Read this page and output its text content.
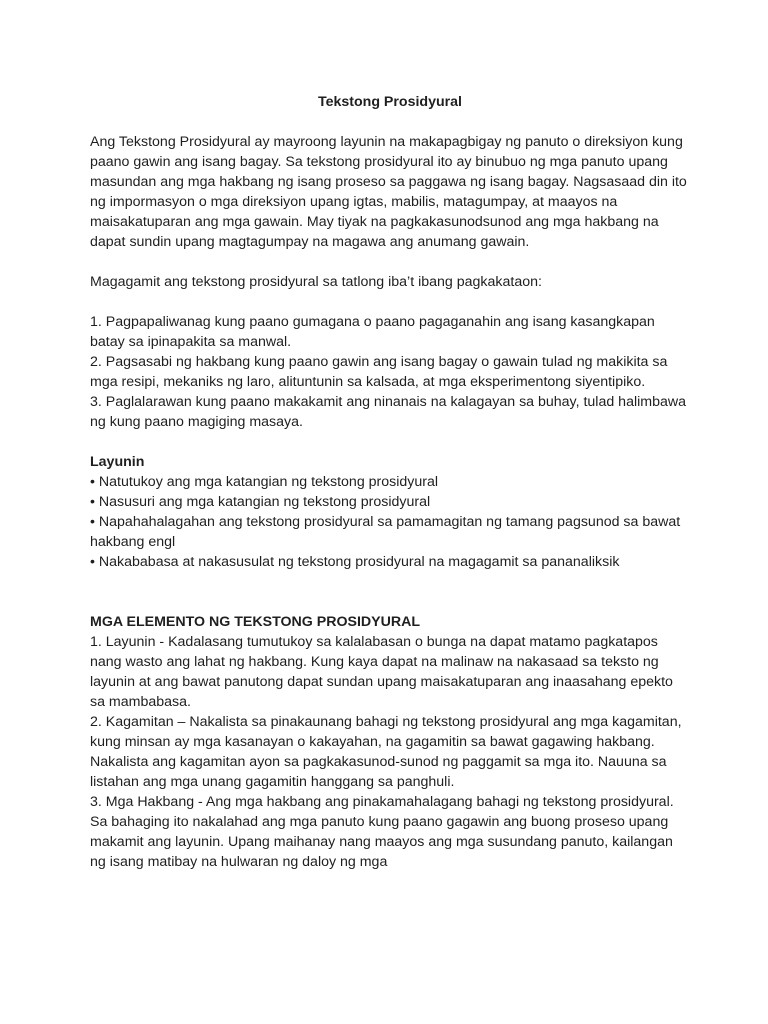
Tekstong Prosidyural

Ang Tekstong Prosidyural ay mayroong layunin na makapagbigay ng panuto o direksiyon kung paano gawin ang isang bagay. Sa tekstong prosidyural ito ay binubuo ng mga panuto upang masundan ang mga hakbang ng isang proseso sa paggawa ng isang bagay. Nagsasaad din ito ng impormasyon o mga direksiyon upang igtas, mabilis, matagumpay, at maayos na maisakatuparan ang mga gawain. May tiyak na pagkakasunodsunod ang mga hakbang na dapat sundin upang magtagumpay na magawa ang anumang gawain.

Magagamit ang tekstong prosidyural sa tatlong iba’t ibang pagkakataon:

1. Pagpapaliwanag kung paano gumagana o paano pagaganahin ang isang kasangkapan batay sa ipinapakita sa manwal.

2. Pagsasabi ng hakbang kung paano gawin ang isang bagay o gawain tulad ng makikita sa mga resipi, mekaniks ng laro, alituntunin sa kalsada, at mga eksperimentong siyentipiko.

3. Paglalarawan kung paano makakamit ang ninanais na kalagayan sa buhay, tulad halimbawa ng kung paano magiging masaya.

Layunin

• Natutukoy ang mga katangian ng tekstong prosidyural

• Nasusuri ang mga katangian ng tekstong prosidyural

• Napahahalagahan ang tekstong prosidyural sa pamamagitan ng tamang pagsunod sa bawat hakbang engl

• Nakababasa at nakasusulat ng tekstong prosidyural na magagamit sa pananaliksik

MGA ELEMENTO NG TEKSTONG PROSIDYURAL

1. Layunin - Kadalasang tumutukoy sa kalalabasan o bunga na dapat matamo pagkatapos nang wasto ang lahat ng hakbang. Kung kaya dapat na malinaw na nakasaad sa teksto ng layunin at ang bawat panutong dapat sundan upang maisakatuparan ang inaasahang epekto sa mambabasa.

2. Kagamitan – Nakalista sa pinakaunang bahagi ng tekstong prosidyural ang mga kagamitan, kung minsan ay mga kasanayan o kakayahan, na gagamitin sa bawat gagawing hakbang. Nakalista ang kagamitan ayon sa pagkakasunod-sunod ng paggamit sa mga ito. Nauuna sa listahan ang mga unang gagamitin hanggang sa panghuli.

3. Mga Hakbang - Ang mga hakbang ang pinakamahalagang bahagi ng tekstong prosidyural. Sa bahaging ito nakalahad ang mga panuto kung paano gagawin ang buong proseso upang makamit ang layunin. Upang maihanay nang maayos ang mga susundang panuto, kailangan ng isang matibay na hulwaran ng daloy ng mga
